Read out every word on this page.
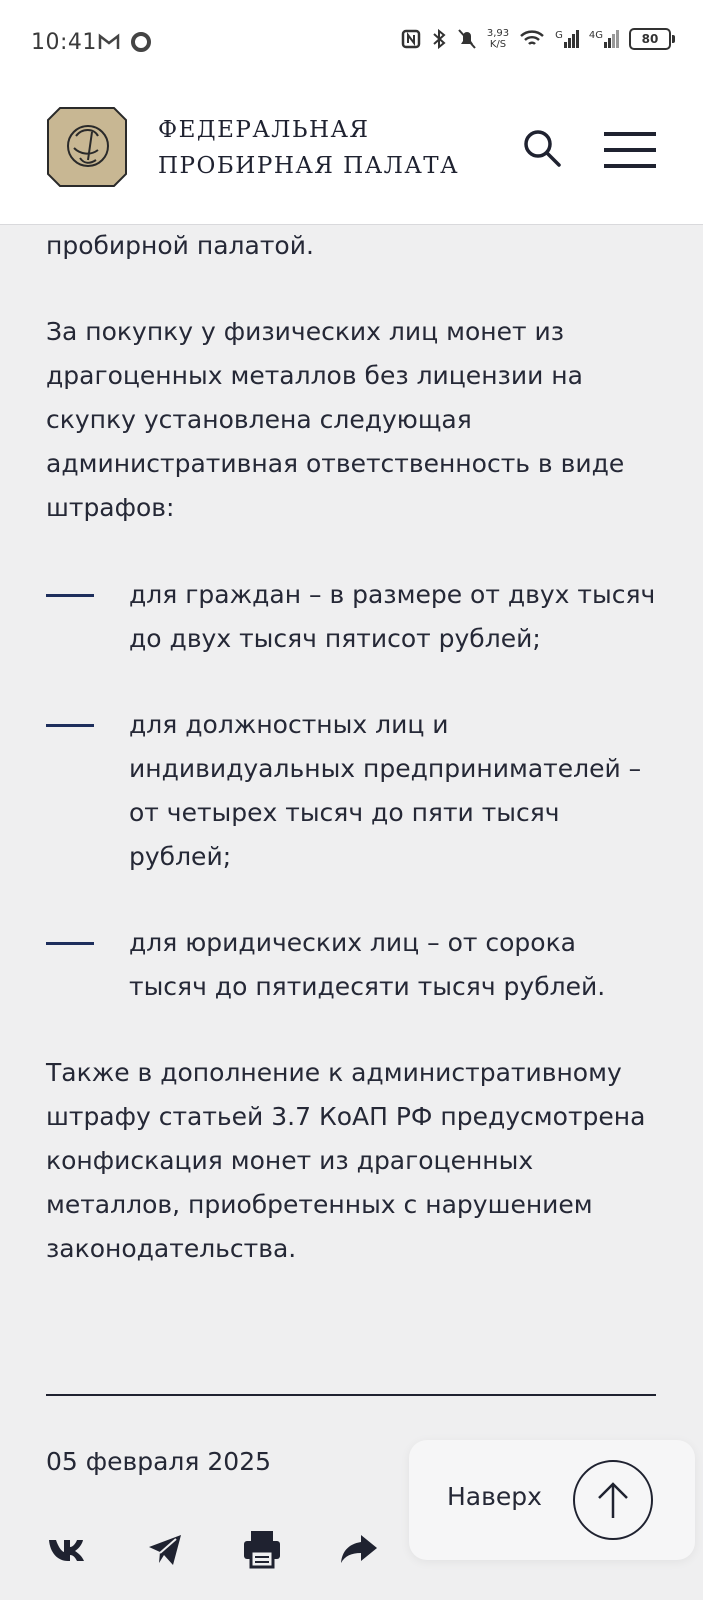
10:41	3,93
K/S
G	4G	80
ФЕДЕРАЛЬНАЯ
ПРОБИРНАЯ ПАЛАТА

пробирной палатой.

За покупку у физических лиц монет из драгоценных металлов без лицензии на скупку установлена следующая административная ответственность в виде штрафов:

для граждан – в размере от двух тысяч до двух тысяч пятисот рублей;
для должностных лиц и индивидуальных предпринимателей – от четырех тысяч до пяти тысяч рублей;
для юридических лиц – от сорока тысяч до пятидесяти тысяч рублей.

Также в дополнение к административному штрафу статьей 3.7 КоАП РФ предусмотрена конфискация монет из драгоценных металлов, приобретенных с нарушением законодательства.

05 февраля 2025
Наверх
